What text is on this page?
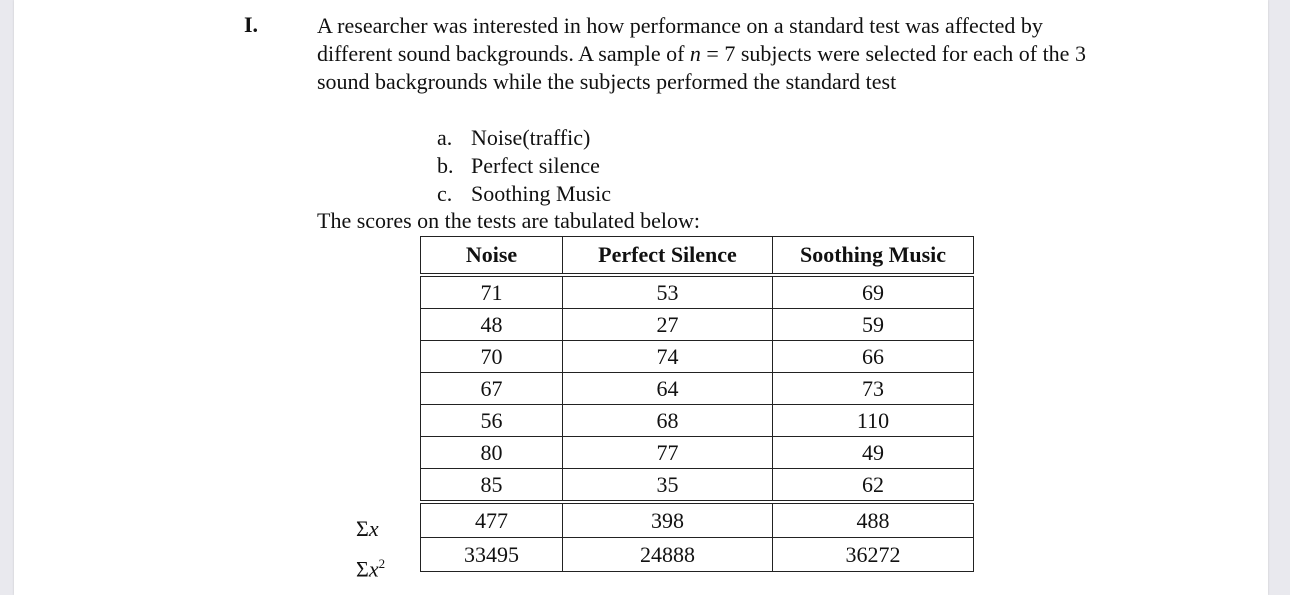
I.	A researcher was interested in how performance on a standard test was affected by different sound backgrounds. A sample of n = 7 subjects were selected for each of the 3 sound backgrounds while the subjects performed the standard test
a. Noise(traffic)
b. Perfect silence
c. Soothing Music
The scores on the tests are tabulated below:
Noise	Perfect Silence	Soothing Music
71	53	69
48	27	59
70	74	66
67	64	73
56	68	110
80	77	49
85	35	62
477	398	488
33495	24888	36272
Σx
$\Sigma x^2$
